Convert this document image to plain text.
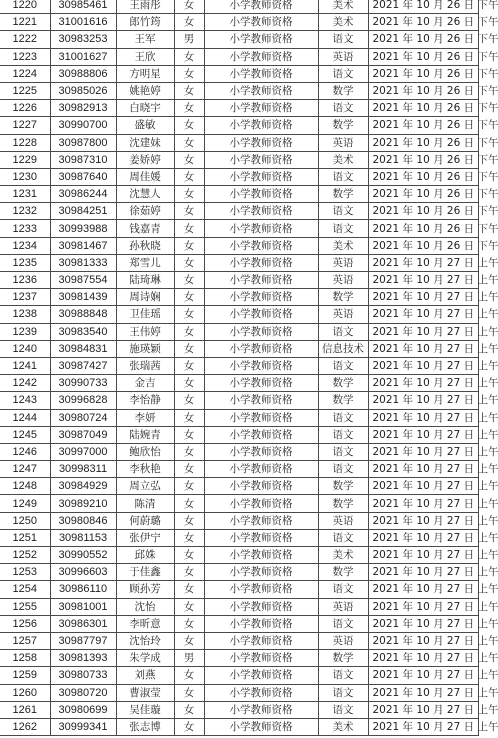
1220	30985461	王雨彤	女	小学教师资格	美术	2021 年 10 月 26 日 下午
1221	31001616	郎竹筠	女	小学教师资格	美术	2021 年 10 月 26 日 下午
1222	30983253	王军	男	小学教师资格	语文	2021 年 10 月 26 日 下午
1223	31001627	王欣	女	小学教师资格	英语	2021 年 10 月 26 日 下午
1224	30988806	方明星	女	小学教师资格	语文	2021 年 10 月 26 日 下午
1225	30985026	姚艳婷	女	小学教师资格	数学	2021 年 10 月 26 日 下午
1226	30982913	白晓宇	女	小学教师资格	语文	2021 年 10 月 26 日 下午
1227	30990700	盛敏	女	小学教师资格	数学	2021 年 10 月 26 日 下午
1228	30987800	沈建妹	女	小学教师资格	英语	2021 年 10 月 26 日 下午
1229	30987310	姜娇婷	女	小学教师资格	美术	2021 年 10 月 26 日 下午
1230	30987640	周佳媛	女	小学教师资格	语文	2021 年 10 月 26 日 下午
1231	30986244	沈慧人	女	小学教师资格	数学	2021 年 10 月 26 日 下午
1232	30984251	徐茹婷	女	小学教师资格	语文	2021 年 10 月 26 日 下午
1233	30993988	钱嘉青	女	小学教师资格	语文	2021 年 10 月 26 日 下午
1234	30981467	孙秋晓	女	小学教师资格	美术	2021 年 10 月 26 日 下午
1235	30981333	郑雪儿	女	小学教师资格	英语	2021 年 10 月 27 日 上午
1236	30987554	陆琦琳	女	小学教师资格	英语	2021 年 10 月 27 日 上午
1237	30981439	周诗娴	女	小学教师资格	数学	2021 年 10 月 27 日 上午
1238	30988848	卫佳瑶	女	小学教师资格	英语	2021 年 10 月 27 日 上午
1239	30983540	王伟婷	女	小学教师资格	语文	2021 年 10 月 27 日 上午
1240	30984831	施瑛颖	女	小学教师资格	信息技术	2021 年 10 月 27 日 上午
1241	30987427	张瑞茜	女	小学教师资格	语文	2021 年 10 月 27 日 上午
1242	30990733	金吉	女	小学教师资格	数学	2021 年 10 月 27 日 上午
1243	30996828	李怡静	女	小学教师资格	数学	2021 年 10 月 27 日 上午
1244	30980724	李妍	女	小学教师资格	语文	2021 年 10 月 27 日 上午
1245	30987049	陆婉青	女	小学教师资格	语文	2021 年 10 月 27 日 上午
1246	30997000	鲍欣怡	女	小学教师资格	语文	2021 年 10 月 27 日 上午
1247	30998311	李秋艳	女	小学教师资格	语文	2021 年 10 月 27 日 上午
1248	30984929	周立弘	女	小学教师资格	数学	2021 年 10 月 27 日 上午
1249	30989210	陈清	女	小学教师资格	数学	2021 年 10 月 27 日 上午
1250	30980846	何蔚璐	女	小学教师资格	英语	2021 年 10 月 27 日 上午
1251	30981153	张伊宁	女	小学教师资格	语文	2021 年 10 月 27 日 上午
1252	30990552	邱姝	女	小学教师资格	美术	2021 年 10 月 27 日 上午
1253	30996603	于佳鑫	女	小学教师资格	数学	2021 年 10 月 27 日 上午
1254	30986110	顾孙芳	女	小学教师资格	语文	2021 年 10 月 27 日 上午
1255	30981001	沈怡	女	小学教师资格	英语	2021 年 10 月 27 日 上午
1256	30986301	李昕意	女	小学教师资格	语文	2021 年 10 月 27 日 上午
1257	30987797	沈怡玲	女	小学教师资格	英语	2021 年 10 月 27 日 上午
1258	30981393	朱学成	男	小学教师资格	数学	2021 年 10 月 27 日 上午
1259	30980733	刘燕	女	小学教师资格	语文	2021 年 10 月 27 日 上午
1260	30980720	曹淑莹	女	小学教师资格	语文	2021 年 10 月 27 日 上午
1261	30980699	吴佳璇	女	小学教师资格	语文	2021 年 10 月 27 日 上午
1262	30999341	张志博	女	小学教师资格	美术	2021 年 10 月 27 日 上午
